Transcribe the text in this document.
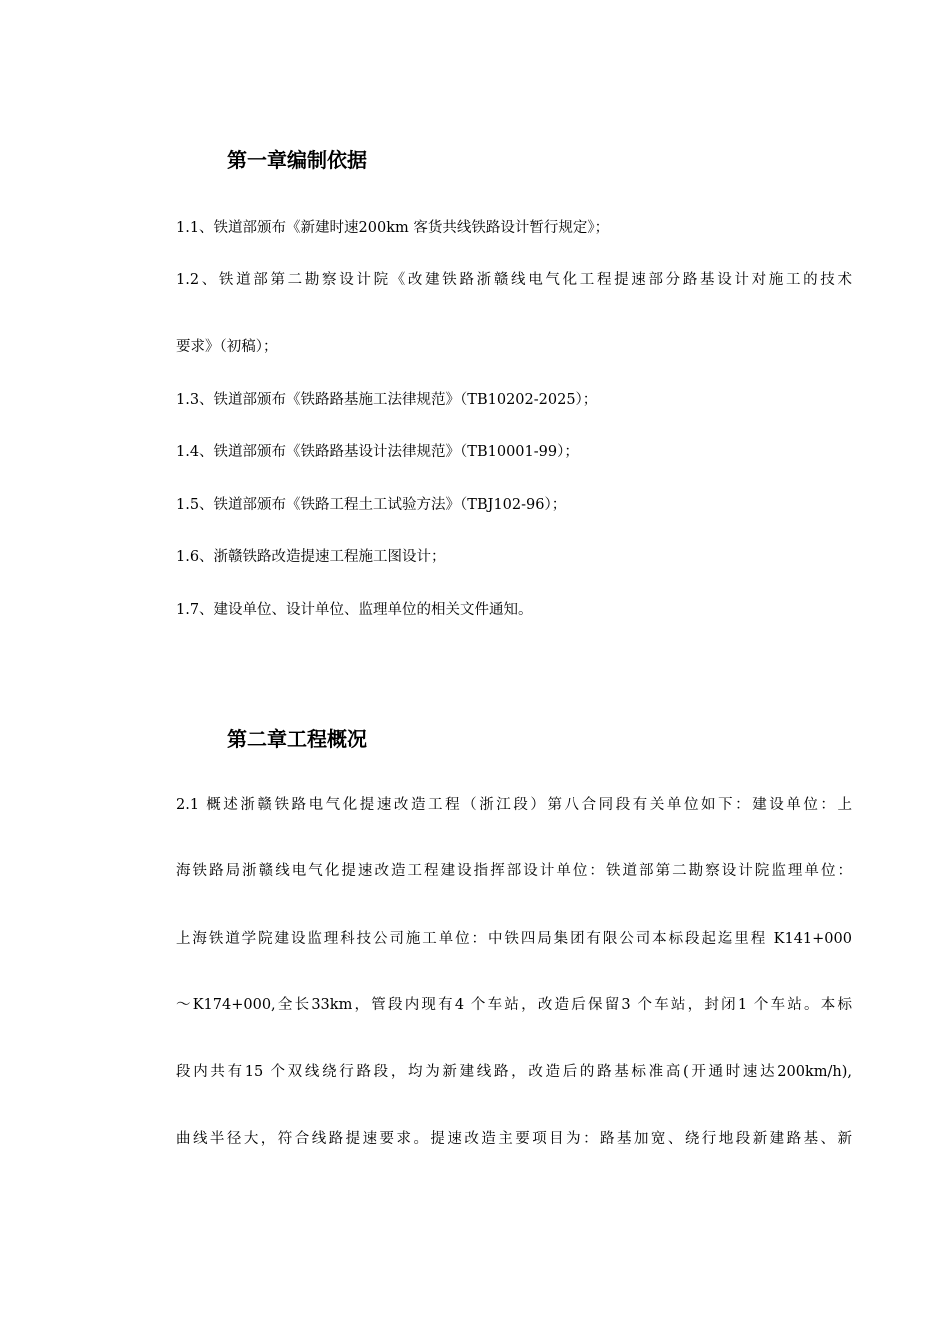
第一章编制依据
1.1、铁道部颁布《新建时速200km 客货共线铁路设计暂行规定》；
1.2、铁道部第二勘察设计院《改建铁路浙赣线电气化工程提速部分路基设计对施工的技术
要求》（初稿）；
1.3、铁道部颁布《铁路路基施工法律规范》（TB10202-2025）；
1.4、铁道部颁布《铁路路基设计法律规范》（TB10001-99）；
1.5、铁道部颁布《铁路工程土工试验方法》（TBJ102-96）；
1.6、浙赣铁路改造提速工程施工图设计；
1.7、建设单位、设计单位、监理单位的相关文件通知。
第二章工程概况
2.1 概述浙赣铁路电气化提速改造工程（浙江段）第八合同段有关单位如下：建设单位：上
海铁路局浙赣线电气化提速改造工程建设指挥部设计单位：铁道部第二勘察设计院监理单位：
上海铁道学院建设监理科技公司施工单位：中铁四局集团有限公司本标段起迄里程 K141+000
～K174+000,全长33km，管段内现有4 个车站，改造后保留3 个车站，封闭1 个车站。本标
段内共有15 个双线绕行路段，均为新建线路，改造后的路基标准高(开通时速达200km/h),
曲线半径大，符合线路提速要求。提速改造主要项目为：路基加宽、绕行地段新建路基、新
